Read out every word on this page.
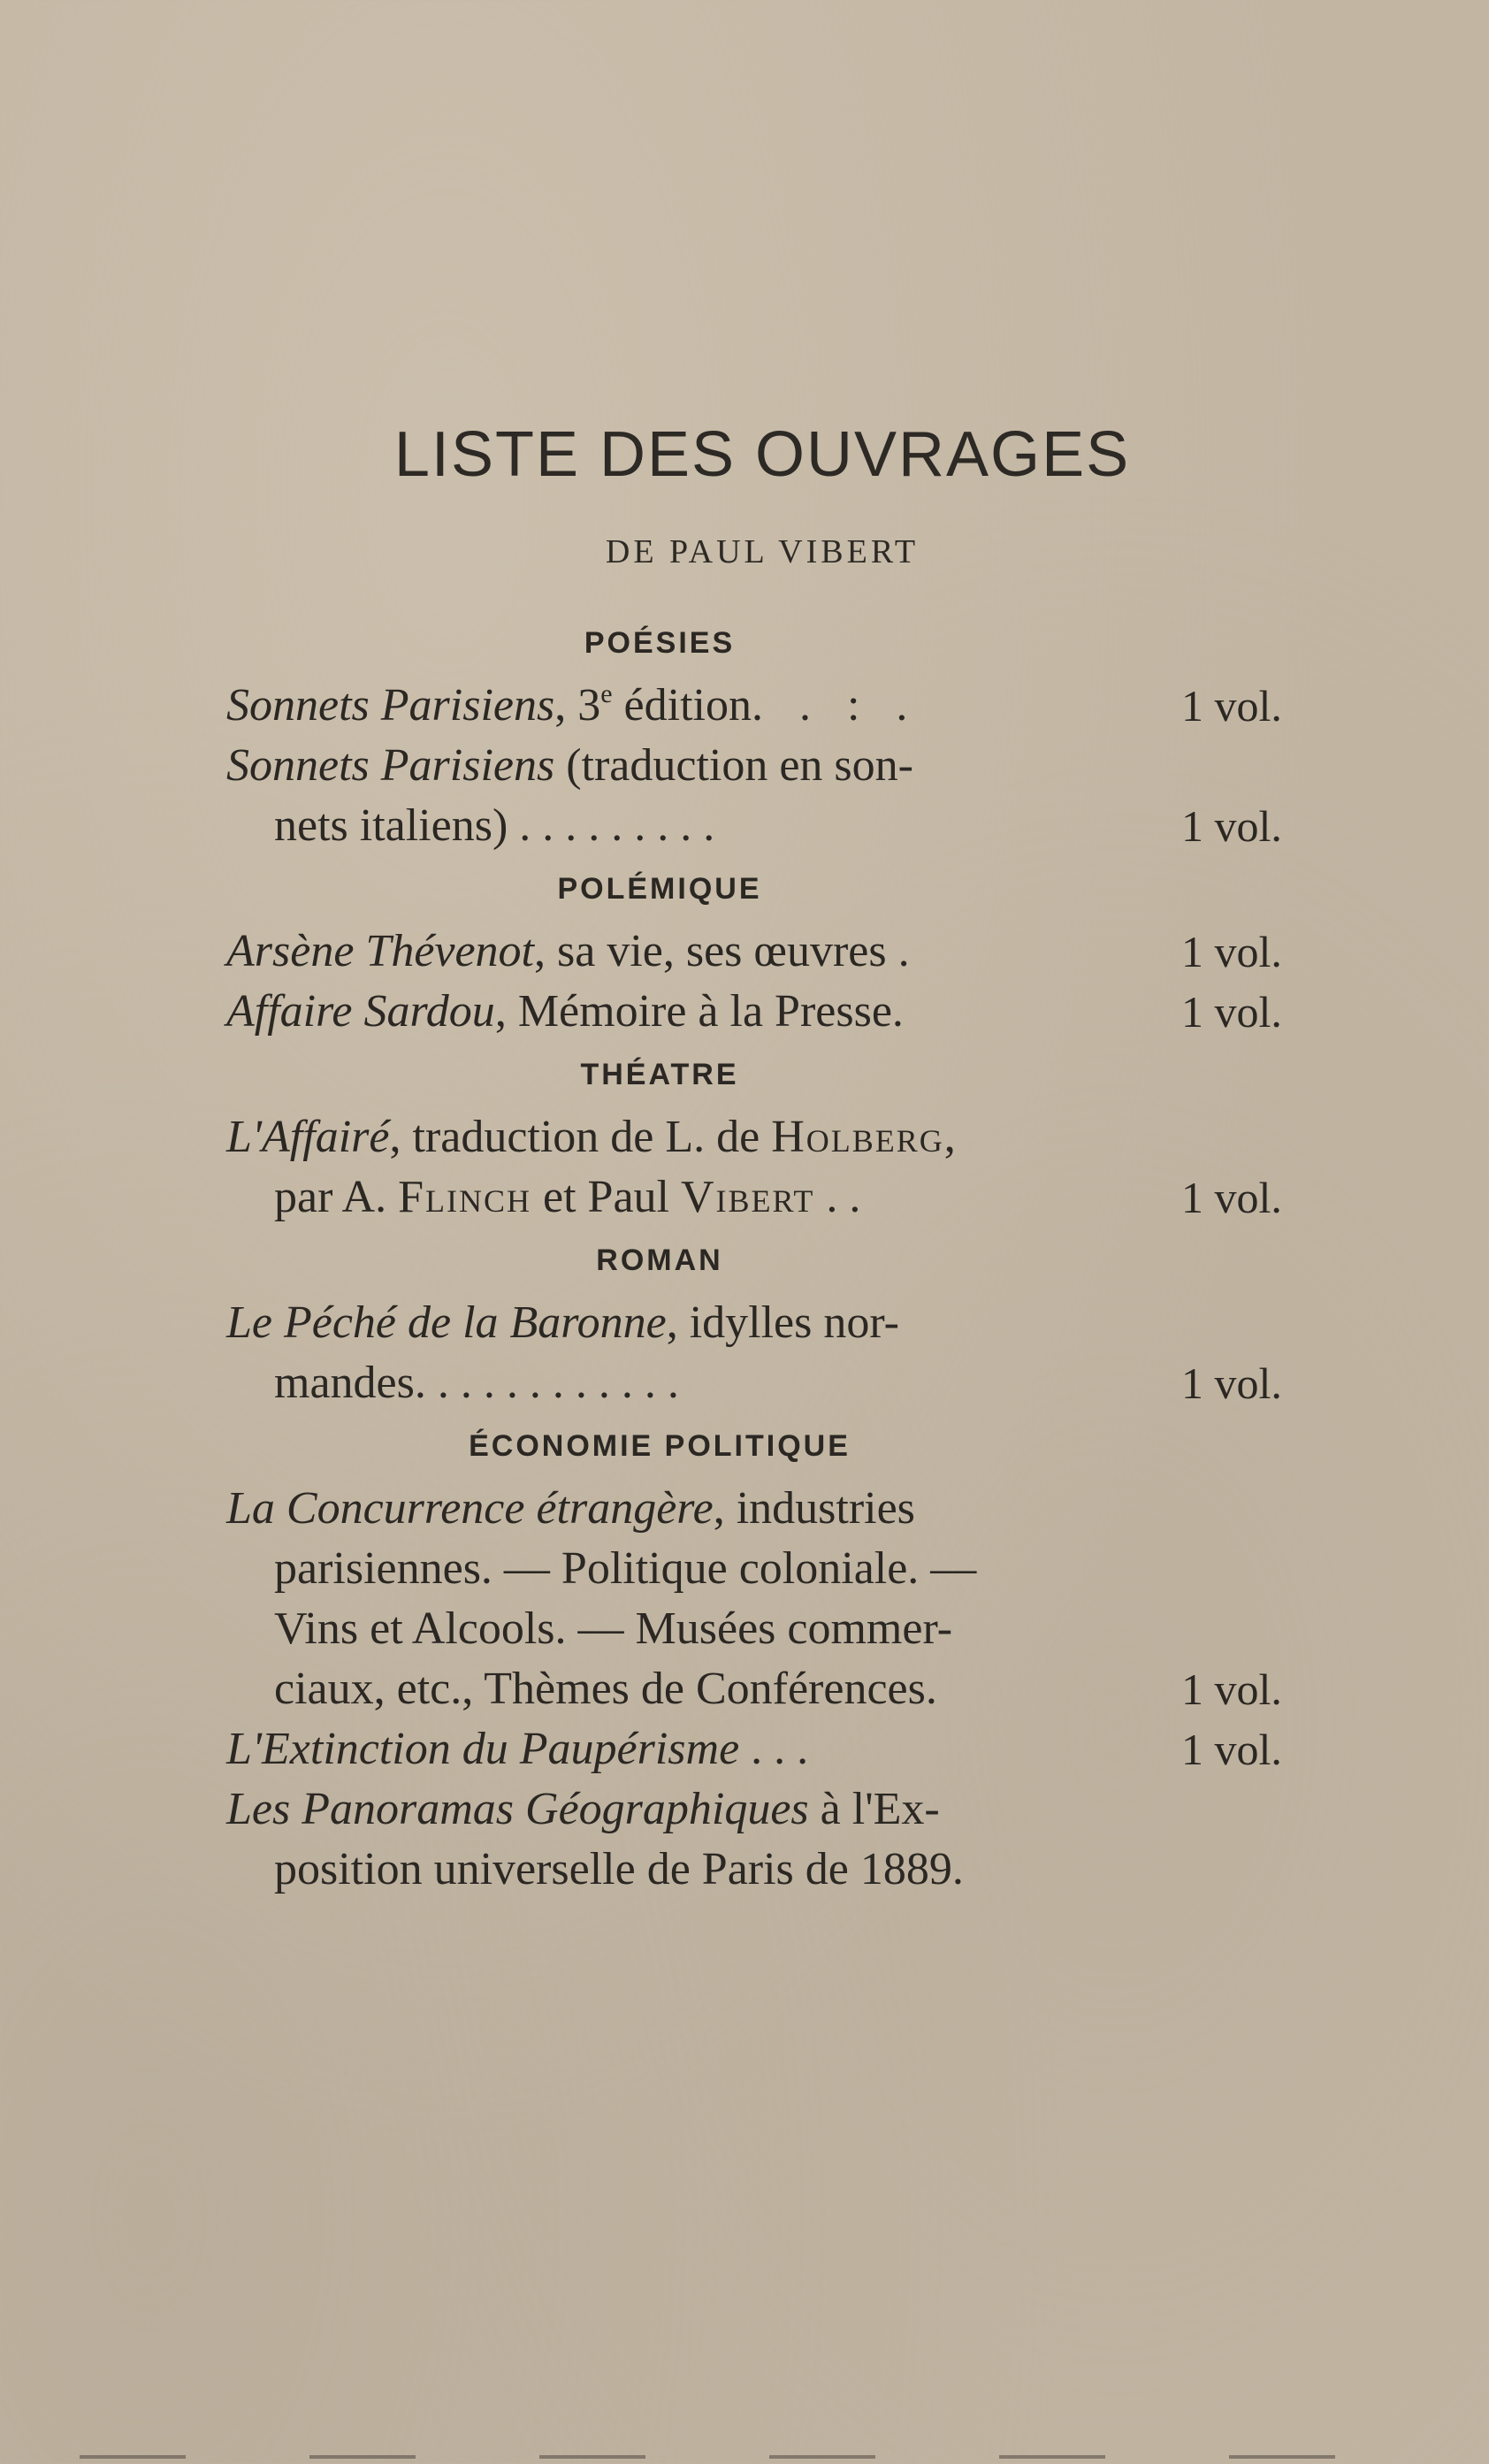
LISTE DES OUVRAGES
DE PAUL VIBERT
POÉSIES
Sonnets Parisiens, 3e édition. . : .	1 vol.
Sonnets Parisiens (traduction en son-
nets italiens) . . . . . . . . .	1 vol.
POLÉMIQUE
Arsène Thévenot, sa vie, ses œuvres .	1 vol.
Affaire Sardou, Mémoire à la Presse.	1 vol.
THÉATRE
L'Affairé, traduction de L. de Holberg,
par A. Flinch et Paul Vibert . .	1 vol.
ROMAN
Le Péché de la Baronne, idylles nor-
mandes. . . . . . . . . . . .	1 vol.
ÉCONOMIE POLITIQUE
La Concurrence étrangère, industries
parisiennes. — Politique coloniale. —
Vins et Alcools. — Musées commer-
ciaux, etc., Thèmes de Conférences.	1 vol.
L'Extinction du Paupérisme . . .	1 vol.
Les Panoramas Géographiques à l'Ex-
position universelle de Paris de 1889.
